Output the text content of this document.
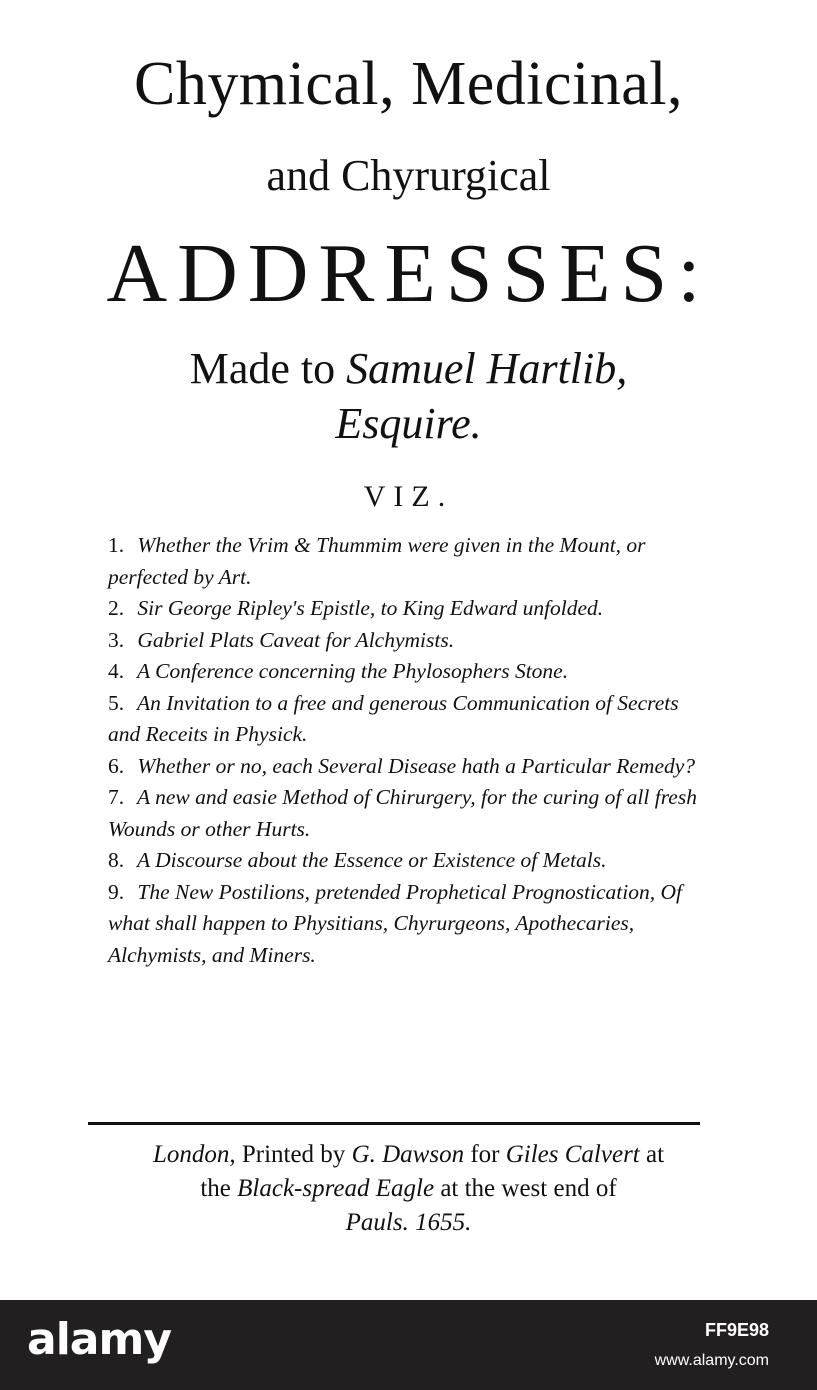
Chymical, Medicinal,
and Chyrurgical
ADDRESSES:
Made to Samuel Hartlib,
Esquire.
VIZ.
1. Whether the Vrim & Thummim were given in the Mount, or perfected by Art.
2. Sir George Ripley's Epistle, to King Edward unfolded.
3. Gabriel Plats Caveat for Alchymists.
4. A Conference concerning the Phylosophers Stone.
5. An Invitation to a free and generous Communication of Secrets and Receits in Physick.
6. Whether or no, each Several Disease hath a Particular Remedy?
7. A new and easie Method of Chirurgery, for the curing of all fresh Wounds or other Hurts.
8. A Discourse about the Essence or Existence of Metals.
9. The New Postilions, pretended Prophetical Prognostication, Of what shall happen to Physitians, Chyrurgeons, Apothecaries, Alchymists, and Miners.
London, Printed by G. Dawson for Giles Calvert at
the Black-spread Eagle at the west end of
Pauls. 1655.
alamy	FF9E98
www.alamy.com
